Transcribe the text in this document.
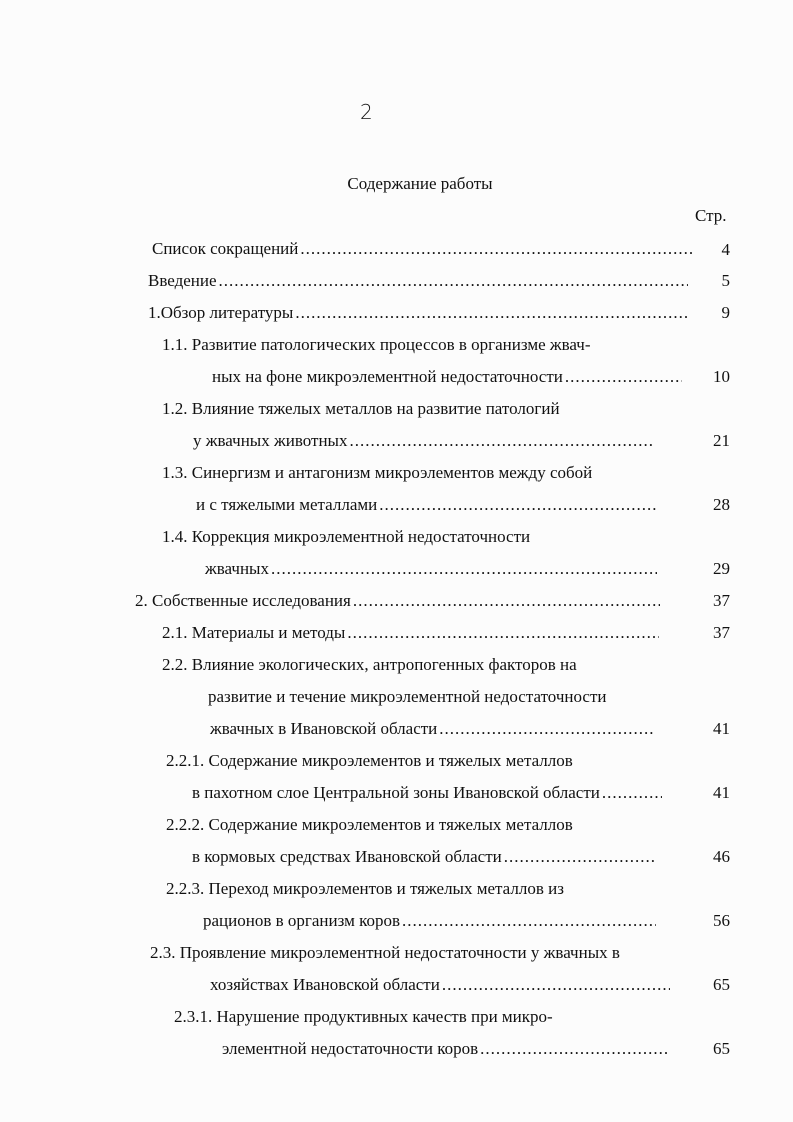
2
Содержание работы
Стр.
Список сокращений .....	4
Введение .....	5
1.Обзор литературы .....	9
1.1. Развитие патологических процессов в организме жвач-
ных на фоне микроэлементной недостаточности .....	10
1.2. Влияние тяжелых металлов на развитие патологий
у жвачных животных .....	21
1.3. Синергизм и антагонизм микроэлементов между собой
и с тяжелыми металлами .....	28
1.4. Коррекция микроэлементной недостаточности
жвачных .....	29
2. Собственные исследования .....	37
2.1. Материалы и методы .....	37
2.2. Влияние экологических, антропогенных факторов на
развитие и течение микроэлементной недостаточности
жвачных в Ивановской области .....	41
2.2.1. Содержание микроэлементов и тяжелых металлов
в пахотном слое Центральной зоны Ивановской области .....	41
2.2.2. Содержание микроэлементов и тяжелых металлов
в кормовых средствах Ивановской области .....	46
2.2.3. Переход микроэлементов и тяжелых металлов из
рационов в организм коров .....	56
2.3. Проявление микроэлементной недостаточности у жвачных в
хозяйствах Ивановской области .....	65
2.3.1. Нарушение продуктивных качеств при микро-
элементной недостаточности коров .....	65
